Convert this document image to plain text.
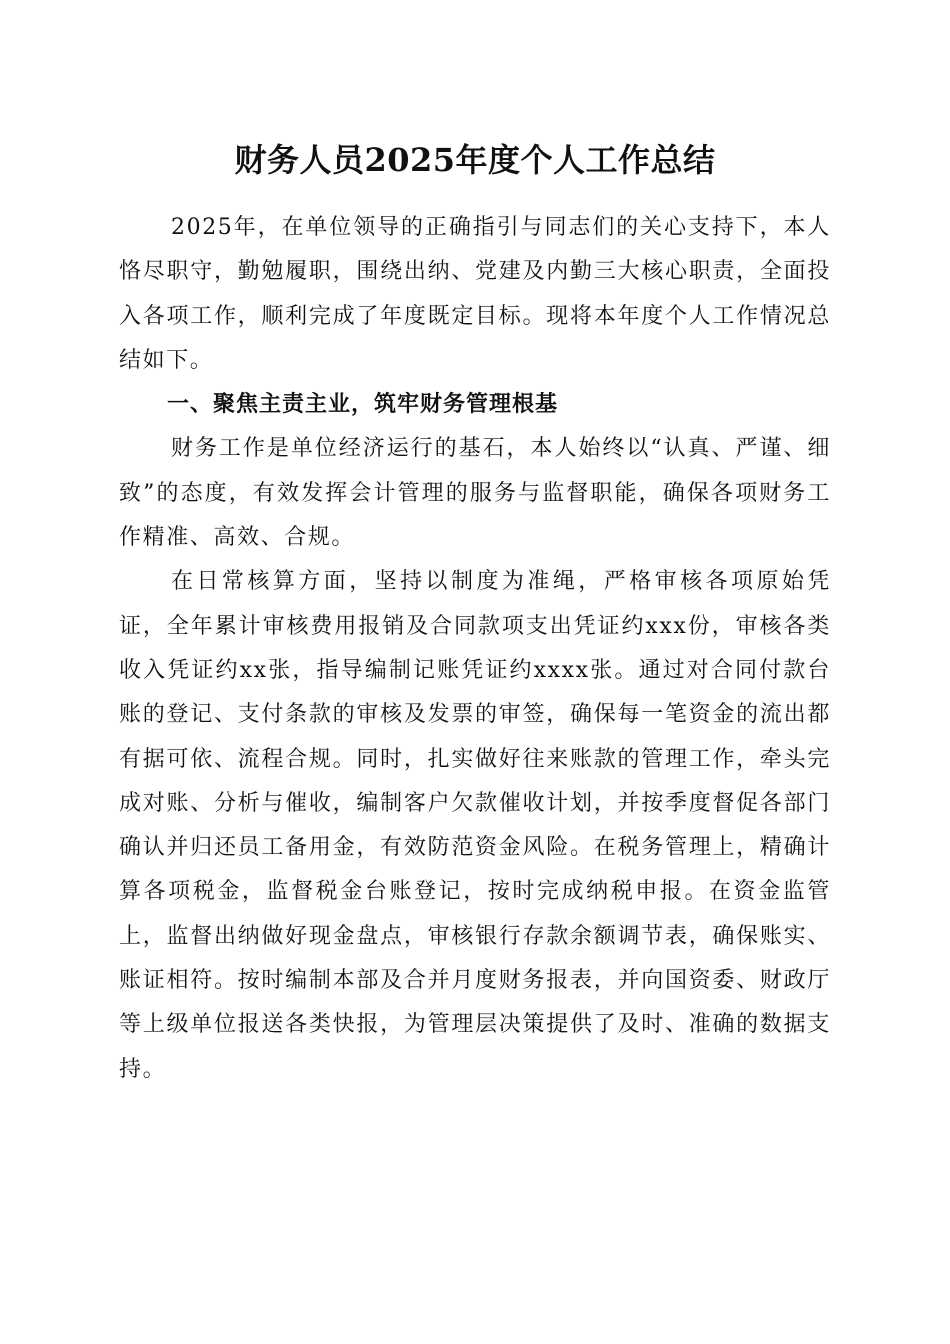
财务人员2025年度个人工作总结

2025年，在单位领导的正确指引与同志们的关心支持下，本人恪尽职守，勤勉履职，围绕出纳、党建及内勤三大核心职责，全面投入各项工作，顺利完成了年度既定目标。现将本年度个人工作情况总结如下。

一、聚焦主责主业，筑牢财务管理根基

财务工作是单位经济运行的基石，本人始终以“认真、严谨、细致”的态度，有效发挥会计管理的服务与监督职能，确保各项财务工作精准、高效、合规。

在日常核算方面，坚持以制度为准绳，严格审核各项原始凭证，全年累计审核费用报销及合同款项支出凭证约xxx份，审核各类收入凭证约xx张，指导编制记账凭证约xxxx张。通过对合同付款台账的登记、支付条款的审核及发票的审签，确保每一笔资金的流出都有据可依、流程合规。同时，扎实做好往来账款的管理工作，牵头完成对账、分析与催收，编制客户欠款催收计划，并按季度督促各部门确认并归还员工备用金，有效防范资金风险。在税务管理上，精确计算各项税金，监督税金台账登记，按时完成纳税申报。在资金监管上，监督出纳做好现金盘点，审核银行存款余额调节表，确保账实、账证相符。按时编制本部及合并月度财务报表，并向国资委、财政厅等上级单位报送各类快报，为管理层决策提供了及时、准确的数据支持。
